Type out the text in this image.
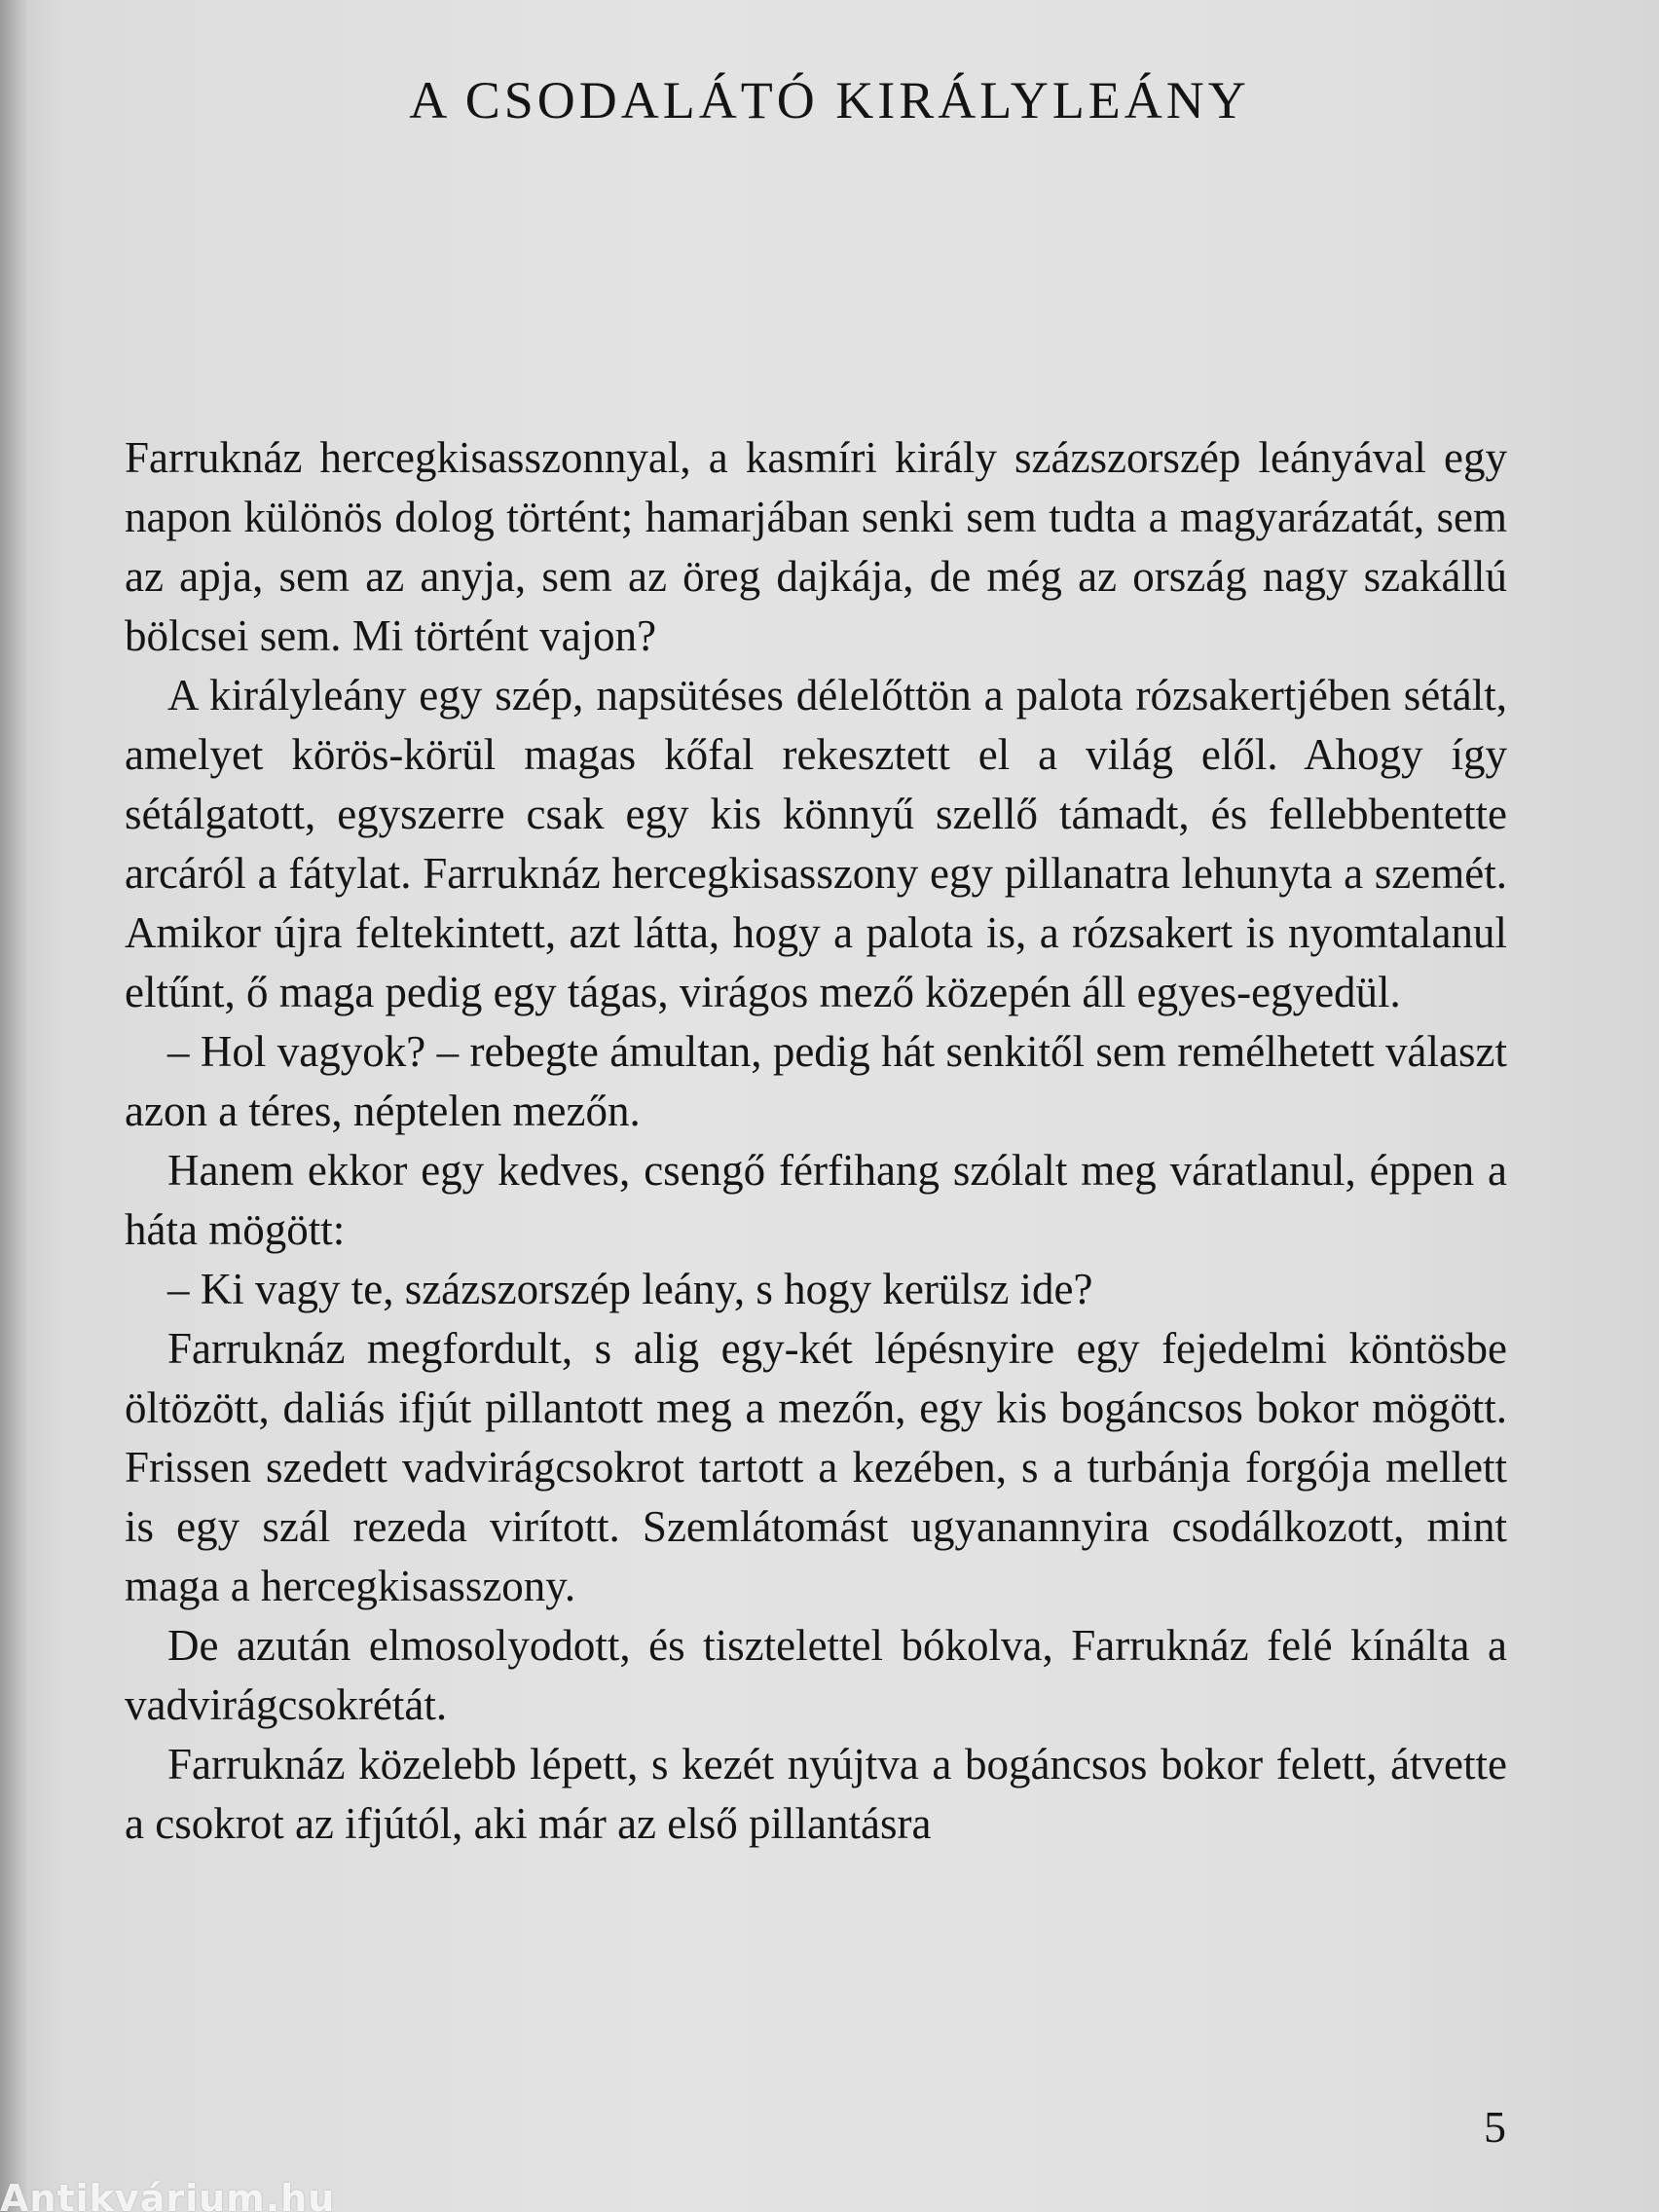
A CSODALÁTÓ KIRÁLYLEÁNY

Farruknáz hercegkisasszonnyal, a kasmíri király százszorszép leányával egy napon különös dolog történt; hamarjában senki sem tudta a magyarázatát, sem az apja, sem az anyja, sem az öreg dajkája, de még az ország nagy szakállú bölcsei sem. Mi történt vajon?

A királyleány egy szép, napsütéses délelőttön a palota rózsakertjében sétált, amelyet körös-körül magas kőfal rekesztett el a világ elől. Ahogy így sétálgatott, egyszerre csak egy kis könnyű szellő támadt, és fellebbentette arcáról a fátylat. Farruknáz hercegkisasszony egy pillanatra lehunyta a szemét. Amikor újra feltekintett, azt látta, hogy a palota is, a rózsakert is nyomtalanul eltűnt, ő maga pedig egy tágas, virágos mező közepén áll egyes-egyedül.

– Hol vagyok? – rebegte ámultan, pedig hát senkitől sem remélhetett választ azon a téres, néptelen mezőn.

Hanem ekkor egy kedves, csengő férfihang szólalt meg váratlanul, éppen a háta mögött:

– Ki vagy te, százszorszép leány, s hogy kerülsz ide?

Farruknáz megfordult, s alig egy-két lépésnyire egy fejedelmi köntösbe öltözött, daliás ifjút pillantott meg a mezőn, egy kis bogáncsos bokor mögött. Frissen szedett vadvirágcsokrot tartott a kezében, s a turbánja forgója mellett is egy szál rezeda virított. Szemlátomást ugyanannyira csodálkozott, mint maga a hercegkisasszony.

De azután elmosolyodott, és tisztelettel bókolva, Farruknáz felé kínálta a vadvirágcsokrétát.

Farruknáz közelebb lépett, s kezét nyújtva a bogáncsos bokor felett, átvette a csokrot az ifjútól, aki már az első pillantásra

5
Antikvárium.hu
